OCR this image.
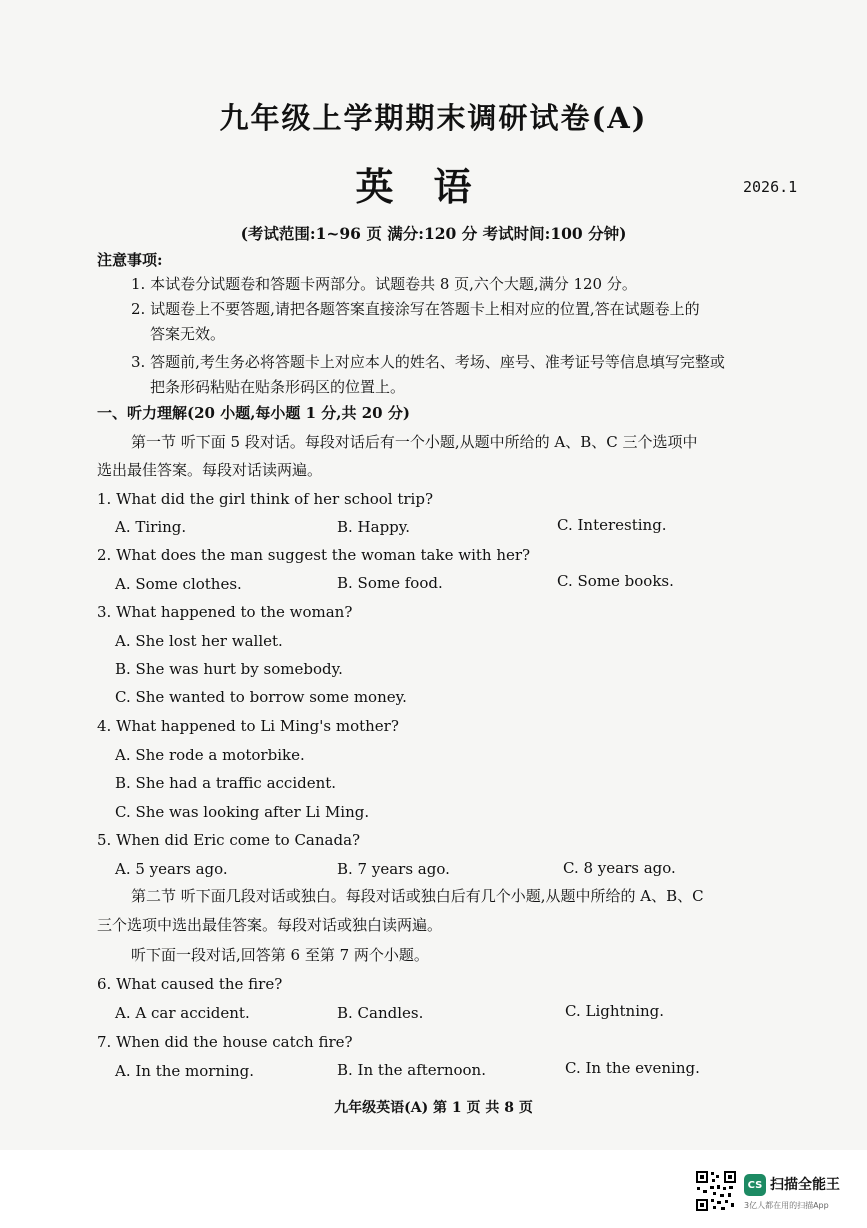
九年级上学期期末调研试卷(A)
英语	2026.1
(考试范围:1~96 页 满分:120 分 考试时间:100 分钟)
注意事项:
1. 本试卷分试题卷和答题卡两部分。试题卷共 8 页,六个大题,满分 120 分。
2. 试题卷上不要答题,请把各题答案直接涂写在答题卡上相对应的位置,答在试题卷上的
答案无效。
3. 答题前,考生务必将答题卡上对应本人的姓名、考场、座号、准考证号等信息填写完整或
把条形码粘贴在贴条形码区的位置上。
一、听力理解(20 小题,每小题 1 分,共 20 分)
第一节 听下面 5 段对话。每段对话后有一个小题,从题中所给的 A、B、C 三个选项中
选出最佳答案。每段对话读两遍。
1. What did the girl think of her school trip?
A. Tiring.	B. Happy.	C. Interesting.
2. What does the man suggest the woman take with her?
A. Some clothes.	B. Some food.	C. Some books.
3. What happened to the woman?
A. She lost her wallet.
B. She was hurt by somebody.
C. She wanted to borrow some money.
4. What happened to Li Ming's mother?
A. She rode a motorbike.
B. She had a traffic accident.
C. She was looking after Li Ming.
5. When did Eric come to Canada?
A. 5 years ago.	B. 7 years ago.	C. 8 years ago.
第二节 听下面几段对话或独白。每段对话或独白后有几个小题,从题中所给的 A、B、C
三个选项中选出最佳答案。每段对话或独白读两遍。
听下面一段对话,回答第 6 至第 7 两个小题。
6. What caused the fire?
A. A car accident.	B. Candles.	C. Lightning.
7. When did the house catch fire?
A. In the morning.	B. In the afternoon.	C. In the evening.
九年级英语(A) 第 1 页 共 8 页
CS 扫描全能王
3亿人都在用的扫描App
